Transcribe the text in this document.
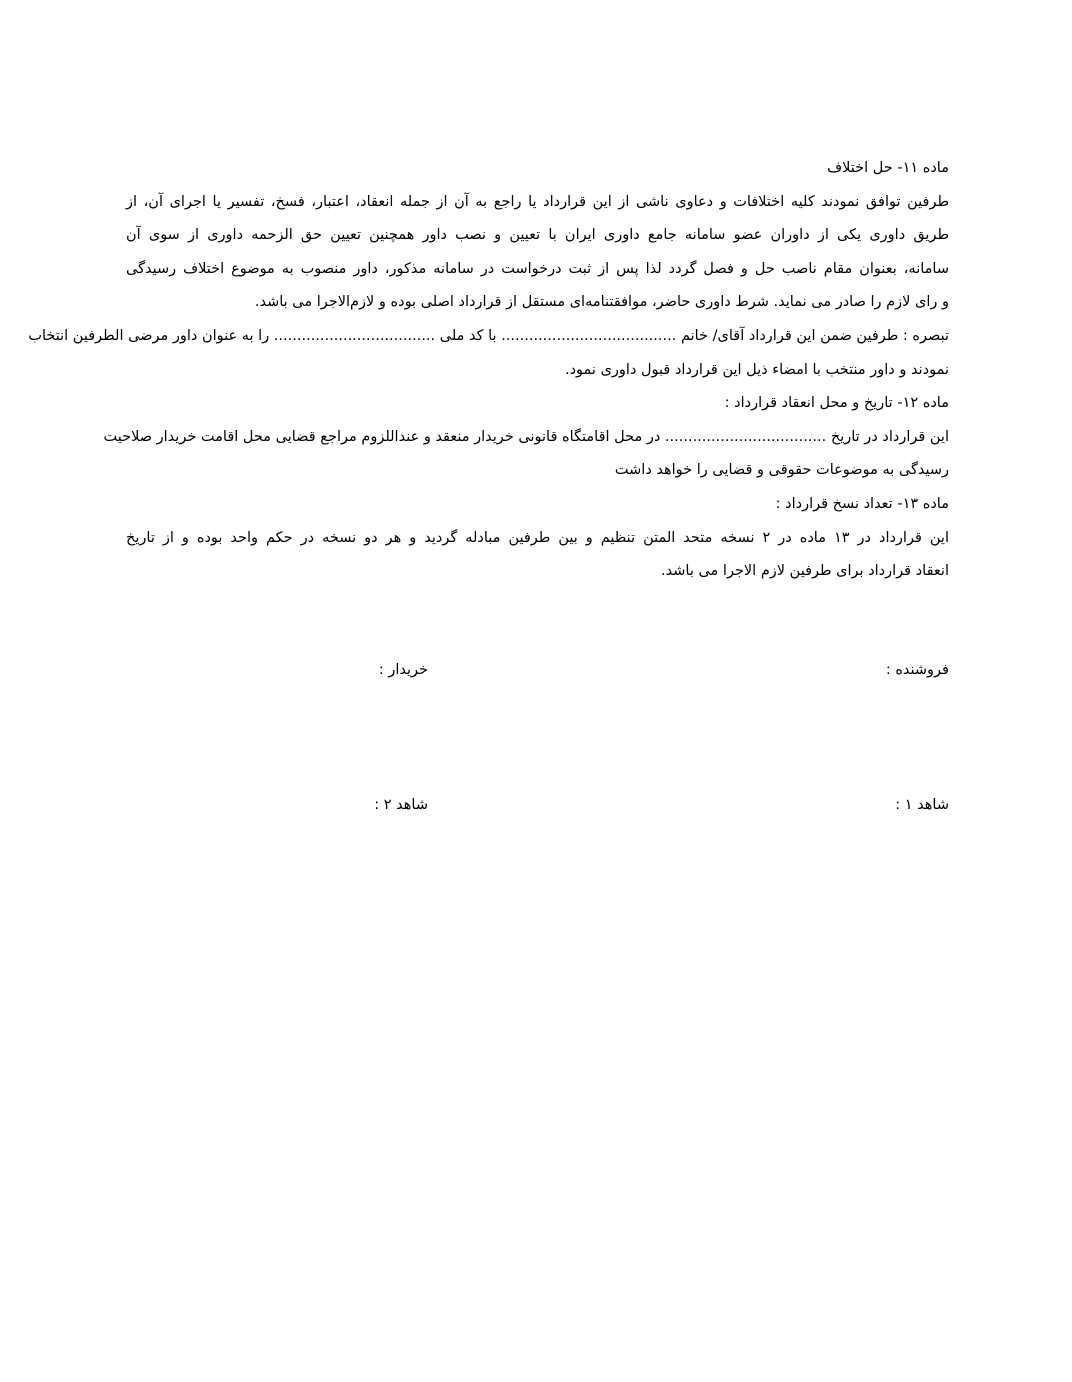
ماده ۱۱- حل اختلاف
طرفین توافق نمودند کلیه اختلافات و دعاوی ناشی از این قرارداد یا راجع به آن از جمله انعقاد، اعتبار، فسخ، تفسیر یا اجرای آن، از
طریق داوری یکی از داوران عضو سامانه جامع داوری ایران با تعیین و نصب داور همچنین تعیین حق الزحمه داوری از سوی آن
سامانه، بعنوان مقام ناصب حل و فصل گردد لذا پس از ثبت درخواست در سامانه مذکور، داور منصوب به موضوع اختلاف رسیدگی
و رای لازم را صادر می نماید. شرط داوری حاضر، موافقتنامه‌ای مستقل از قرارداد اصلی بوده و لازم‌الاجرا می باشد.
تبصره : طرفین ضمن این قرارداد آقای/ خانم ...................................... با کد ملی ................................... را به عنوان داور مرضی الطرفین انتخاب
نمودند و داور منتخب با امضاء ذیل این قرارداد قبول داوری نمود.
ماده ۱۲- تاریخ و محل انعقاد قرارداد :
این قرارداد در تاریخ ................................... در محل اقامتگاه قانونی خریدار منعقد و عنداللزوم مراجع قضایی محل اقامت خریدار صلاحیت
رسیدگی به موضوعات حقوقی و قضایی را خواهد داشت
ماده ۱۳- تعداد نسخ قرارداد :
این قرارداد در ۱۳ ماده در ۲ نسخه متحد المتن تنظیم و بین طرفین مبادله گردید و هر دو نسخه در حکم واحد بوده و از تاریخ
انعقاد قرارداد برای طرفین لازم الاجرا می باشد.
فروشنده :
خریدار :
شاهد ۱ :
شاهد ۲ :
